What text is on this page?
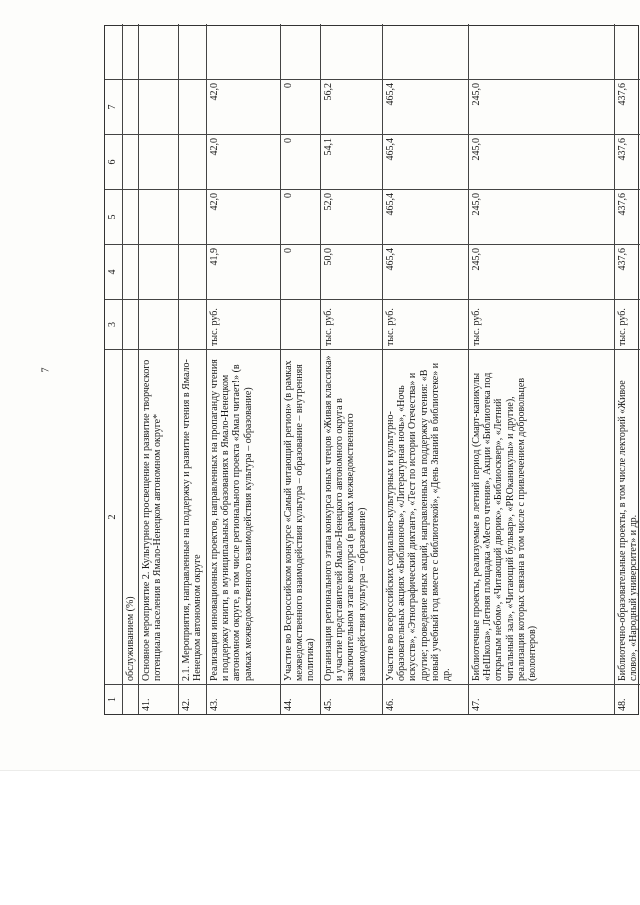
7
1
2
3
4
5
6
7
обслуживанием (%)
41.
Основное мероприятие 2. Культурное просвещение и развитие творческого потенциала населения в Ямало-Ненецком автономном округе*
42.
2.1. Мероприятия, направленные на поддержку и развитие чтения в Ямало-Ненецком автономном округе
43.
Реализация инновационных проектов, направленных на пропаганду чтения и поддержку книги, в муниципальных образованиях в Ямало-Ненецком автономном округе, в том числе регионального проекта «Ямал читает!» (в рамках межведомственного взаимодействия культура – образование)
тыс. руб.
41,9
42,0
42,0
42,0
44.
Участие во Всероссийском конкурсе «Самый читающий регион» (в рамках межведомственного взаимодействия культура – образование – внутренняя политика)
0
0
0
0
45.
Организация регионального этапа конкурса юных чтецов «Живая классика» и участие представителей Ямало-Ненецкого автономного округа в заключительном этапе конкурса (в рамках межведомственного взаимодействия культура – образование)
тыс. руб.
50,0
52,0
54,1
56,2
46.
Участие во всероссийских социально-культурных и культурно-образовательных акциях «Библионочь», «Литературная ночь», «Ночь искусств», «Этнографический диктант», «Тест по истории Отечества» и другие; проведение иных акций, направленных на поддержку чтения: «В новый учебный год вместе с библиотекой», «День Знаний в библиотеке» и др.
тыс. руб.
465,4
465,4
465,4
465,4
47.
Библиотечные проекты, реализуемые в летний период (Смарт-каникулы «НеШкола», Летняя площадка «Место чтения», Акции «Библиотека под открытым небом», «Читающий дворик», «Библиосквер», «Летний читальный зал», «Читающий бульвар», «PROканикулы» и другие), реализация которых связана в том числе с привлечением добровольцев (волонтеров)
тыс. руб.
245,0
245,0
245,0
245,0
48.
Библиотечно-образовательные проекты, в том числе лекторий «Живое слово», «Народный университет» и др.
тыс. руб.
437,6
437,6
437,6
437,6
